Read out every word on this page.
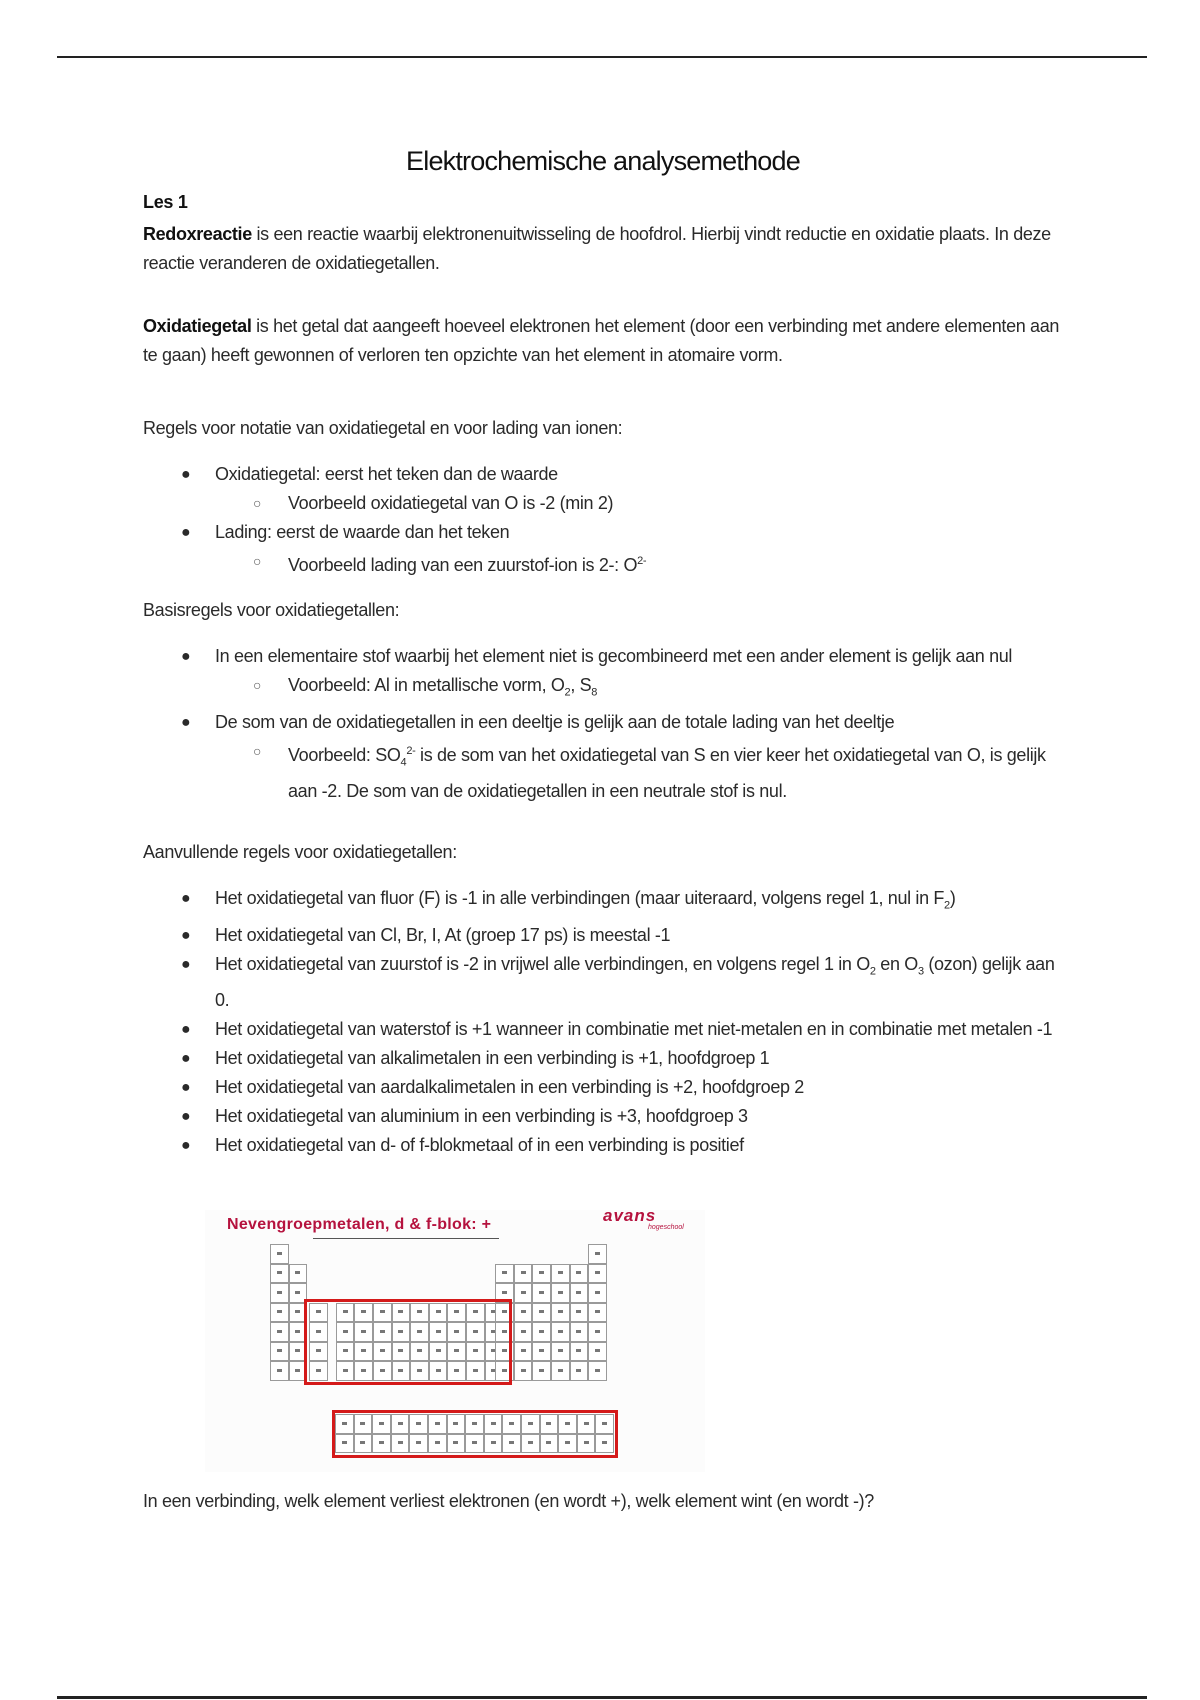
Elektrochemische analysemethode
Les 1
Redoxreactie is een reactie waarbij elektronenuitwisseling de hoofdrol. Hierbij vindt reductie en oxidatie plaats. In deze reactie veranderen de oxidatiegetallen.
Oxidatiegetal is het getal dat aangeeft hoeveel elektronen het element (door een verbinding met andere elementen aan te gaan) heeft gewonnen of verloren ten opzichte van het element in atomaire vorm.
Regels voor notatie van oxidatiegetal en voor lading van ionen:
● Oxidatiegetal: eerst het teken dan de waarde
○ Voorbeeld oxidatiegetal van O is -2 (min 2)
● Lading: eerst de waarde dan het teken
○ Voorbeeld lading van een zuurstof-ion is 2-: $O^{2-}$
Basisregels voor oxidatiegetallen:
● In een elementaire stof waarbij het element niet is gecombineerd met een ander element is gelijk aan nul
○ Voorbeeld: Al in metallische vorm, $O_2$, $S_8$
● De som van de oxidatiegetallen in een deeltje is gelijk aan de totale lading van het deeltje
○ Voorbeeld: $SO_4^{2-}$ is de som van het oxidatiegetal van S en vier keer het oxidatiegetal van O, is gelijk aan -2. De som van de oxidatiegetallen in een neutrale stof is nul.
Aanvullende regels voor oxidatiegetallen:
● Het oxidatiegetal van fluor (F) is -1 in alle verbindingen (maar uiteraard, volgens regel 1, nul in $F_2$)
● Het oxidatiegetal van Cl, Br, I, At (groep 17 ps) is meestal -1
● Het oxidatiegetal van zuurstof is -2 in vrijwel alle verbindingen, en volgens regel 1 in $O_2$ en $O_3$ (ozon) gelijk aan 0.
● Het oxidatiegetal van waterstof is +1 wanneer in combinatie met niet-metalen en in combinatie met metalen -1
● Het oxidatiegetal van alkalimetalen in een verbinding is +1, hoofdgroep 1
● Het oxidatiegetal van aardalkalimetalen in een verbinding is +2, hoofdgroep 2
● Het oxidatiegetal van aluminium in een verbinding is +3, hoofdgroep 3
● Het oxidatiegetal van d- of f-blokmetaal of in een verbinding is positief
In een verbinding, welk element verliest elektronen (en wordt +), welk element wint (en wordt -)?
Nevengroepmetalen, d & f-blok: +	avans
hogeschool
